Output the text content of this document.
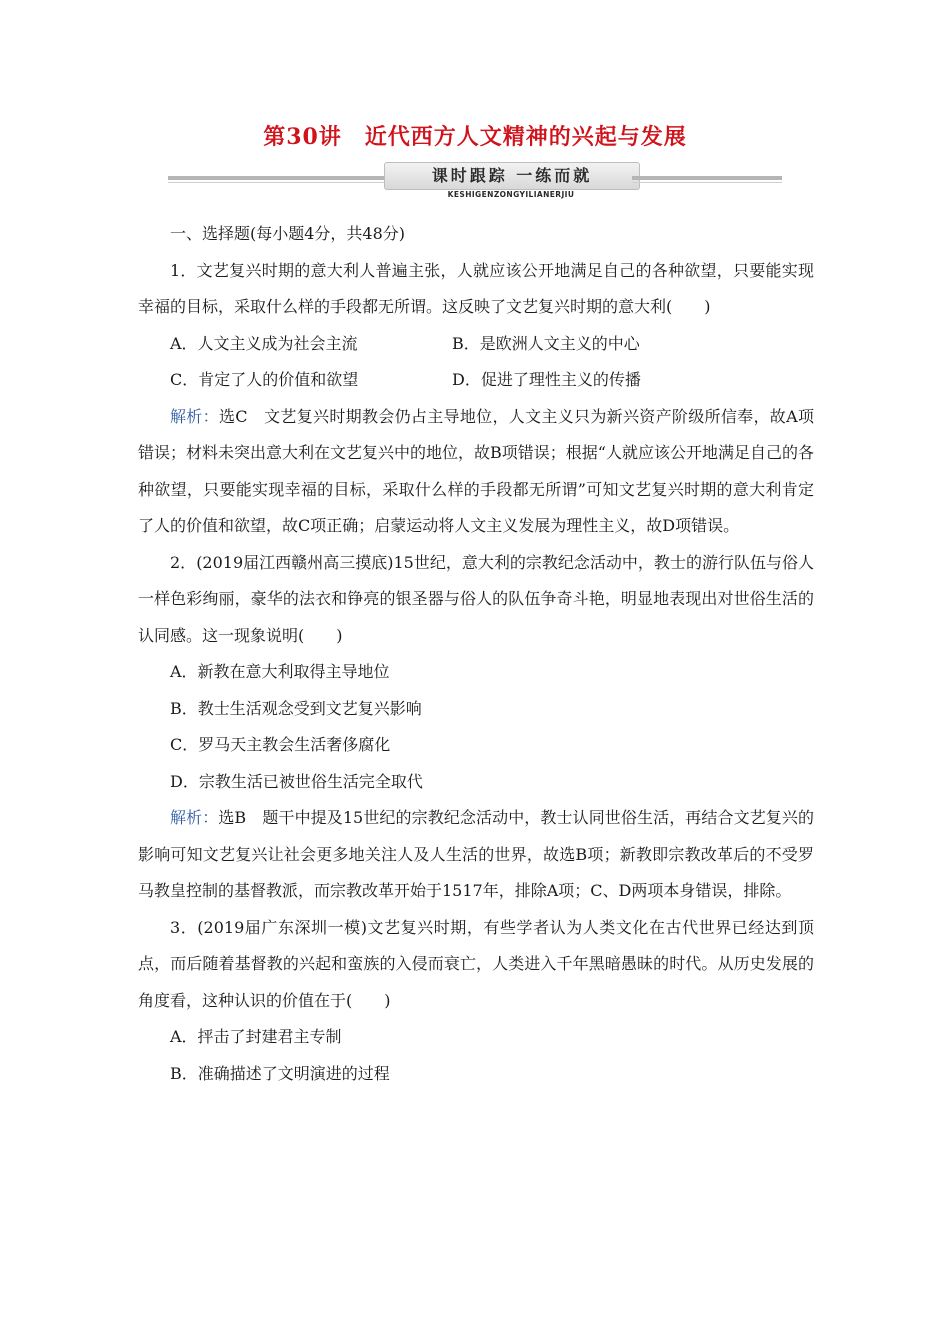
第30讲　近代西方人文精神的兴起与发展
课时跟踪 一练而就
KESHIGENZONGYILIANERJIU

一、选择题(每小题4分，共48分)

1．文艺复兴时期的意大利人普遍主张，人就应该公开地满足自己的各种欲望，只要能实现幸福的目标，采取什么样的手段都无所谓。这反映了文艺复兴时期的意大利(　　)

A．人文主义成为社会主流	B．是欧洲人文主义的中心
C．肯定了人的价值和欲望	D．促进了理性主义的传播

解析：选C　文艺复兴时期教会仍占主导地位，人文主义只为新兴资产阶级所信奉，故A项错误；材料未突出意大利在文艺复兴中的地位，故B项错误；根据“人就应该公开地满足自己的各种欲望，只要能实现幸福的目标，采取什么样的手段都无所谓”可知文艺复兴时期的意大利肯定了人的价值和欲望，故C项正确；启蒙运动将人文主义发展为理性主义，故D项错误。

2．(2019届江西赣州高三摸底)15世纪，意大利的宗教纪念活动中，教士的游行队伍与俗人一样色彩绚丽，豪华的法衣和铮亮的银圣器与俗人的队伍争奇斗艳，明显地表现出对世俗生活的认同感。这一现象说明(　　)

A．新教在意大利取得主导地位

B．教士生活观念受到文艺复兴影响

C．罗马天主教会生活奢侈腐化

D．宗教生活已被世俗生活完全取代

解析：选B　题干中提及15世纪的宗教纪念活动中，教士认同世俗生活，再结合文艺复兴的影响可知文艺复兴让社会更多地关注人及人生活的世界，故选B项；新教即宗教改革后的不受罗马教皇控制的基督教派，而宗教改革开始于1517年，排除A项；C、D两项本身错误，排除。

3．(2019届广东深圳一模)文艺复兴时期，有些学者认为人类文化在古代世界已经达到顶点，而后随着基督教的兴起和蛮族的入侵而衰亡，人类进入千年黑暗愚昧的时代。从历史发展的角度看，这种认识的价值在于(　　)

A．抨击了封建君主专制

B．准确描述了文明演进的过程
